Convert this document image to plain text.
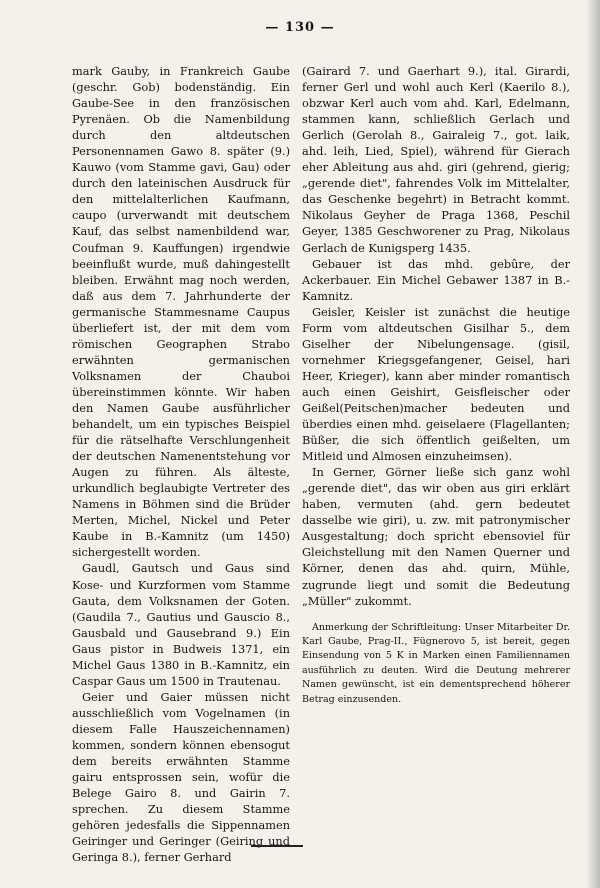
— 130 —

mark Gauby, in Frankreich Gaube (geschr. Gob) bodenständig. Ein Gaube-See in den französischen Pyrenäen. Ob die Namenbildung durch den altdeutschen Personennamen Gawo 8. später (9.) Kauwo (vom Stamme gavi, Gau) oder durch den lateinischen Ausdruck für den mittelalterlichen Kaufmann, caupo (urverwandt mit deutschem Kauf, das selbst namenbildend war, Coufman 9. Kauffungen) irgendwie beeinflußt wurde, muß dahingestellt bleiben. Erwähnt mag noch werden, daß aus dem 7. Jahrhunderte der germanische Stammesname Caupus überliefert ist, der mit dem vom römischen Geographen Strabo erwähnten germanischen Volksnamen der Chauboi übereinstimmen könnte. Wir haben den Namen Gaube ausführlicher behandelt, um ein typisches Beispiel für die rätselhafte Verschlungenheit der deutschen Namenentstehung vor Augen zu führen. Als älteste, urkundlich beglaubigte Vertreter des Namens in Böhmen sind die Brüder Merten, Michel, Nickel und Peter Kaube in B.-Kamnitz (um 1450) sichergestellt worden.

Gaudl, Gautsch und Gaus sind Kose- und Kurzformen vom Stamme Gauta, dem Volksnamen der Goten. (Gaudila 7., Gautius und Gauscio 8., Gausbald und Gausebrand 9.) Ein Gaus pistor in Budweis 1371, ein Michel Gaus 1380 in B.-Kamnitz, ein Caspar Gaus um 1500 in Trautenau.

Geier und Gaier müssen nicht ausschließlich vom Vogelnamen (in diesem Falle Hauszeichennamen) kommen, sondern können ebensogut dem bereits erwähnten Stamme gairu entsprossen sein, wofür die Belege Gairo 8. und Gairin 7. sprechen. Zu diesem Stamme gehören jedesfalls die Sippennamen Geiringer und Geringer (Geiring und Geringa 8.), ferner Gerhard

(Gairard 7. und Gaerhart 9.), ital. Girardi, ferner Gerl und wohl auch Kerl (Kaerilo 8.), obzwar Kerl auch vom ahd. Karl, Edelmann, stammen kann, schließlich Gerlach und Gerlich (Gerolah 8., Gairaleig 7., got. laik, ahd. leih, Lied, Spiel), während für Gierach eher Ableitung aus ahd. giri (gehrend, gierig; „gerende diet", fahrendes Volk im Mittelalter, das Geschenke begehrt) in Betracht kommt. Nikolaus Geyher de Praga 1368, Peschil Geyer, 1385 Geschworener zu Prag, Nikolaus Gerlach de Kunigsperg 1435.

Gebauer ist das mhd. gebûre, der Ackerbauer. Ein Michel Gebawer 1387 in B.-Kamnitz.

Geisler, Keisler ist zunächst die heutige Form vom altdeutschen Gisilhar 5., dem Giselher der Nibelungensage. (gisil, vornehmer Kriegsgefangener, Geisel, hari Heer, Krieger), kann aber minder romantisch auch einen Geishirt, Geisfleischer oder Geißel(Peitschen)macher bedeuten und überdies einen mhd. geiselaere (Flagellanten; Büßer, die sich öffentlich geißelten, um Mitleid und Almosen einzuheimsen).

In Gerner, Görner ließe sich ganz wohl „gerende diet", das wir oben aus giri erklärt haben, vermuten (ahd. gern bedeutet dasselbe wie giri), u. zw. mit patronymischer Ausgestaltung; doch spricht ebensoviel für Gleichstellung mit den Namen Querner und Körner, denen das ahd. quirn, Mühle, zugrunde liegt und somit die Bedeutung „Müller" zukommt.

Anmerkung der Schriftleitung: Unser Mitarbeiter Dr. Karl Gaube, Prag-II., Fügnerovo 5, ist bereit, gegen Einsendung von 5 K in Marken einen Familiennamen ausführlich zu deuten. Wird die Deutung mehrerer Namen gewünscht, ist ein dementsprechend höherer Betrag einzusenden.
